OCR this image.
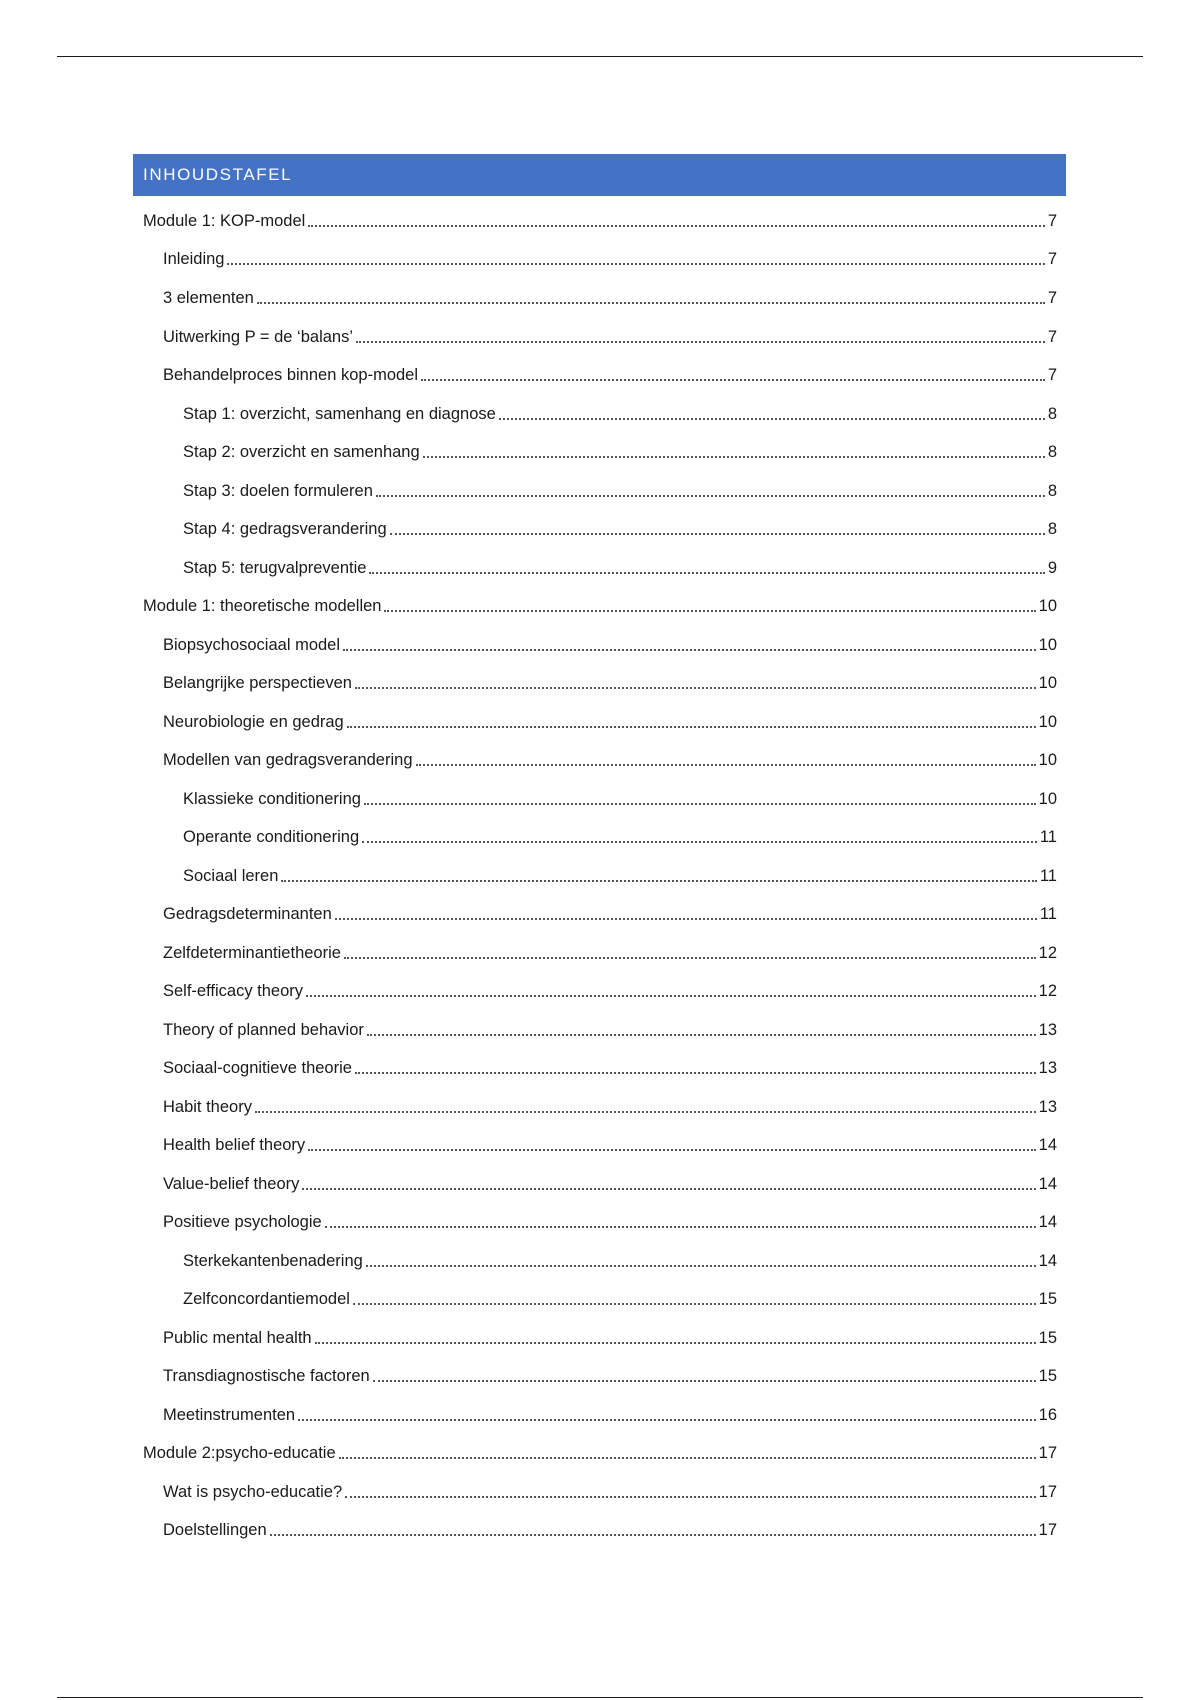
INHOUDSTAFEL
Module 1: KOP-model	7
Inleiding	7
3 elementen	7
Uitwerking P = de ‘balans’	7
Behandelproces binnen kop-model	7
Stap 1: overzicht, samenhang en diagnose	8
Stap 2: overzicht en samenhang	8
Stap 3: doelen formuleren	8
Stap 4: gedragsverandering	8
Stap 5: terugvalpreventie	9
Module 1: theoretische modellen	10
Biopsychosociaal model	10
Belangrijke perspectieven	10
Neurobiologie en gedrag	10
Modellen van gedragsverandering	10
Klassieke conditionering	10
Operante conditionering	11
Sociaal leren	11
Gedragsdeterminanten	11
Zelfdeterminantietheorie	12
Self-efficacy theory	12
Theory of planned behavior	13
Sociaal-cognitieve theorie	13
Habit theory	13
Health belief theory	14
Value-belief theory	14
Positieve psychologie	14
Sterkekantenbenadering	14
Zelfconcordantiemodel	15
Public mental health	15
Transdiagnostische factoren	15
Meetinstrumenten	16
Module 2:psycho-educatie	17
Wat is psycho-educatie?	17
Doelstellingen	17
